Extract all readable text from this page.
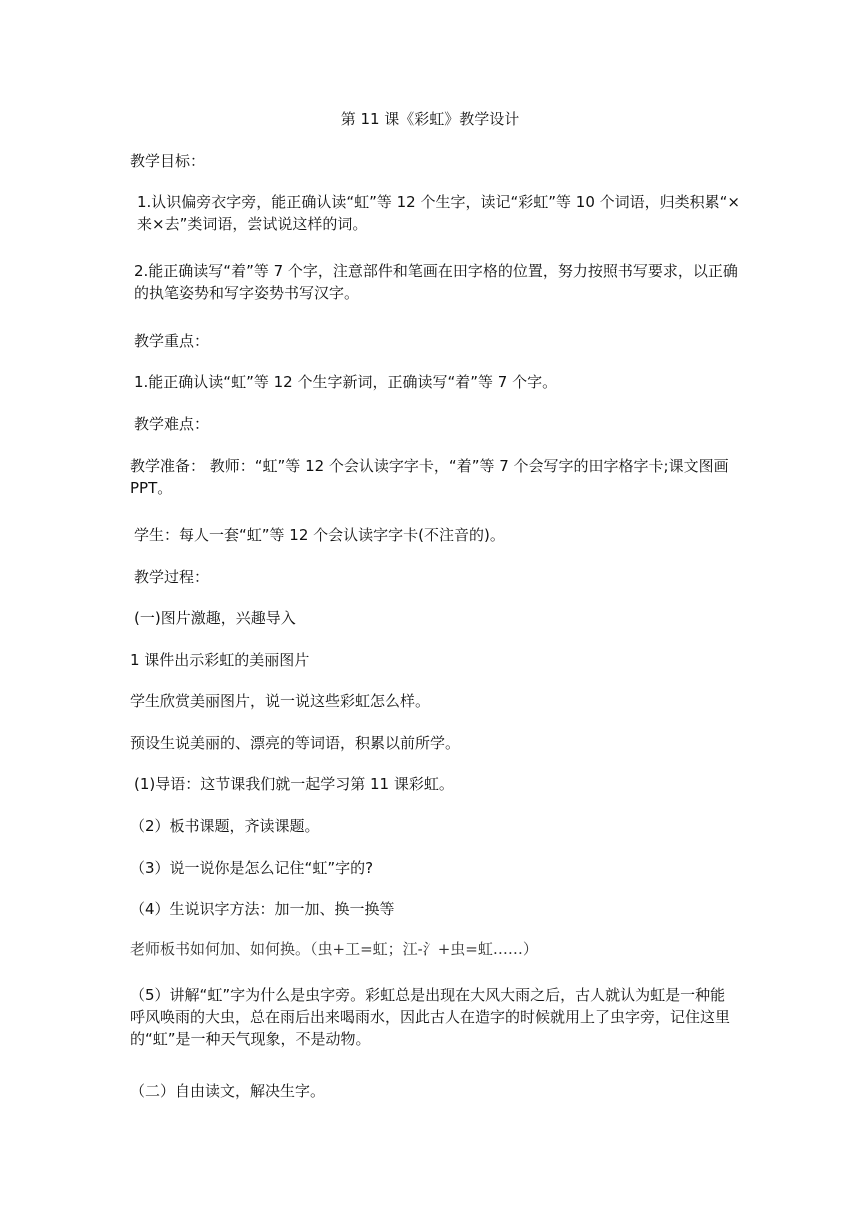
第 11 课《彩虹》教学设计

教学目标：

1.认识偏旁衣字旁，能正确认读“虹”等 12 个生字，读记“彩虹”等 10 个词语，归类积累“×来×去”类词语，尝试说这样的词。

2.能正确读写“着”等 7 个字，注意部件和笔画在田字格的位置，努力按照书写要求，以正确的执笔姿势和写字姿势书写汉字。

教学重点：

1.能正确认读“虹”等 12 个生字新词，正确读写“着”等 7 个字。

教学难点：

教学准备： 教师：“虹”等 12 个会认读字字卡，“着”等 7 个会写字的田字格字卡;课文图画 PPT。

学生：每人一套“虹”等 12 个会认读字字卡(不注音的)。

教学过程：

(一)图片激趣，兴趣导入

1 课件出示彩虹的美丽图片

学生欣赏美丽图片，说一说这些彩虹怎么样。

预设生说美丽的、漂亮的等词语，积累以前所学。

(1)导语：这节课我们就一起学习第 11 课彩虹。

（2）板书课题，齐读课题。

（3）说一说你是怎么记住“虹”字的?

（4）生说识字方法：加一加、换一换等

老师板书如何加、如何换。（虫+工=虹；江-氵+虫=虹……）

（5）讲解“虹”字为什么是虫字旁。彩虹总是出现在大风大雨之后，古人就认为虹是一种能呼风唤雨的大虫，总在雨后出来喝雨水，因此古人在造字的时候就用上了虫字旁，记住这里的“虹”是一种天气现象，不是动物。

（二）自由读文，解决生字。
